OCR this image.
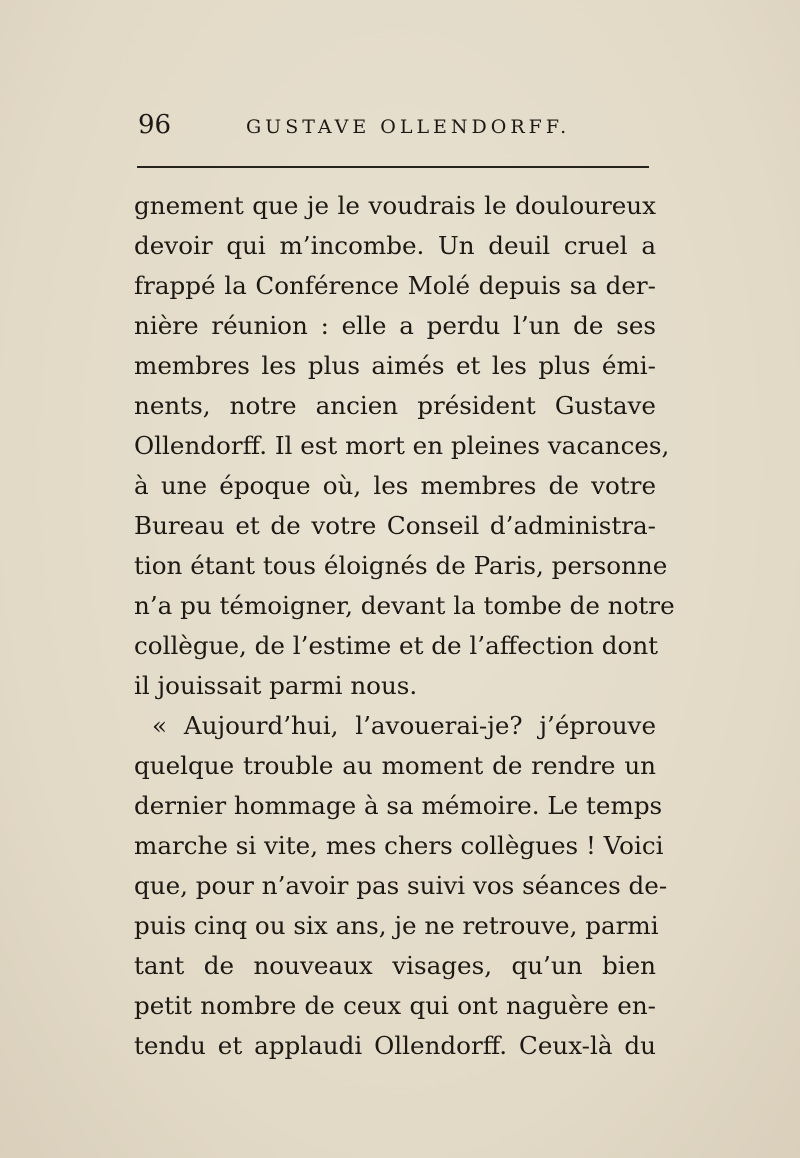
96	GUSTAVE OLLENDORFF.
gnement que je le voudrais le douloureux
devoir qui m’incombe. Un deuil cruel a
frappé la Conférence Molé depuis sa der-
nière réunion : elle a perdu l’un de ses
membres les plus aimés et les plus émi-
nents, notre ancien président Gustave
Ollendorff. Il est mort en pleines vacances,
à une époque où, les membres de votre
Bureau et de votre Conseil d’administra-
tion étant tous éloignés de Paris, personne
n’a pu témoigner, devant la tombe de notre
collègue, de l’estime et de l’affection dont
il jouissait parmi nous.
« Aujourd’hui, l’avouerai-je? j’éprouve
quelque trouble au moment de rendre un
dernier hommage à sa mémoire. Le temps
marche si vite, mes chers collègues ! Voici
que, pour n’avoir pas suivi vos séances de-
puis cinq ou six ans, je ne retrouve, parmi
tant de nouveaux visages, qu’un bien
petit nombre de ceux qui ont naguère en-
tendu et applaudi Ollendorff. Ceux-là du
